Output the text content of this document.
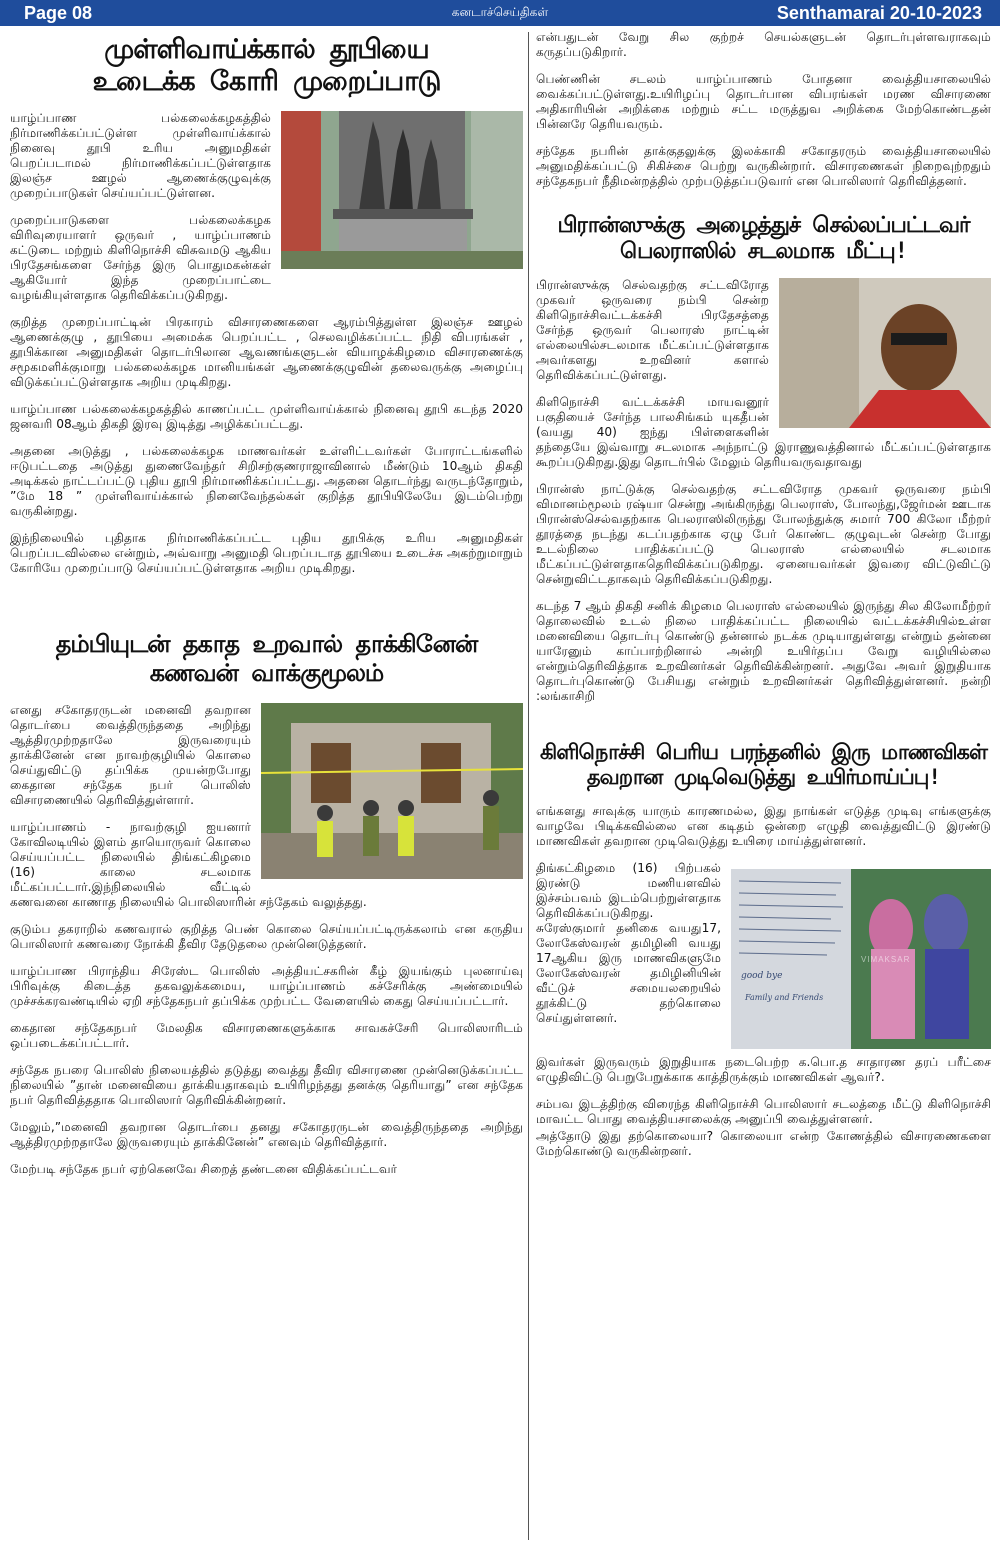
Page 08	கனடாச்செய்திகள்	Senthamarai 20-10-2023
முள்ளிவாய்க்கால் தூபியை
உடைக்க கோரி முறைப்பாடு

யாழ்ப்பாண பல்கலைக்கழகத்தில் நிர்மாணிக்கப்பட்டுள்ள முள்ளிவாய்க்கால் நினைவு தூபி உரிய அனுமதிகள் பெறப்படாமல் நிர்மாணிக்கப்பட்டுள்ளதாக இலஞ்ச ஊழல் ஆணைக்குழுவுக்கு முறைப்பாடுகள் செய்யப்பட்டுள்ளன.

முறைப்பாடுகளை பல்கலைக்கழக விரிவுரையாளர் ஒருவர் , யாழ்ப்பாணம் கட்டுடை மற்றும் கிளிநொச்சி விசுவமடு ஆகிய பிரதேசங்களை சேர்ந்த இரு பொதுமகன்கள் ஆகியோர் இந்த முறைப்பாட்டை வழங்கியுள்ளதாக தெரிவிக்கப்படுகிறது.

குறித்த முறைப்பாட்டின் பிரகாரம் விசாரணைகளை ஆரம்பித்துள்ள இலஞ்ச ஊழல் ஆணைக்குழு , தூபியை அமைக்க பெறப்பட்ட , செலவழிக்கப்பட்ட நிதி விபரங்கள் , தூபிக்கான அனுமதிகள் தொடர்பிலான ஆவணங்களுடன் வியாழக்கிழமை விசாரணைக்கு சமூகமளிக்குமாறு பல்கலைக்கழக மானியங்கள் ஆணைக்குழுவின் தலைவருக்கு அழைப்பு விடுக்கப்பட்டுள்ளதாக அறிய முடிகிறது.

யாழ்ப்பாண பல்கலைக்கழகத்தில் காணப்பட்ட முள்ளிவாய்க்கால் நினைவு தூபி கடந்த 2020 ஜனவரி 08ஆம் திகதி இரவு இடித்து அழிக்கப்பட்டது.

அதனை அடுத்து , பல்கலைக்கழக மாணவர்கள் உள்ளிட்டவர்கள் போராட்டங்களில் ஈடுபட்டதை அடுத்து துணைவேந்தர் சிறிசற்குணராஜாவினால் மீண்டும் 10ஆம் திகதி அடிக்கல் நாட்டப்பட்டு புதிய தூபி நிர்மாணிக்கப்பட்டது. அதனை தொடர்ந்து வருடந்தோறும், ”மே 18 ” முள்ளிவாய்க்கால் நினைவேந்தல்கள் குறித்த தூபியிலேயே இடம்பெற்று வருகின்றது.

இந்நிலையில் புதிதாக நிர்மாணிக்கப்பட்ட புதிய தூபிக்கு உரிய அனுமதிகள் பெறப்படவில்லை என்றும், அவ்வாறு அனுமதி பெறப்படாத தூபியை உடைச்சு அகற்றுமாறும் கோரியே முறைப்பாடு செய்யப்பட்டுள்ளதாக அறிய முடிகிறது.

தம்பியுடன் தகாத உறவால் தாக்கினேன்
கணவன் வாக்குமூலம்

எனது சகோதரருடன் மனைவி தவறான தொடர்பை வைத்திருந்ததை அறிந்து ஆத்திரமுற்றதாலே இருவரையும் தாக்கினேன் என நாவற்குழியில் கொலை செய்துவிட்டு தப்பிக்க முயன்றபோது கைதான சந்தேக நபர் பொலிஸ் விசாரணையில் தெரிவித்துள்ளார்.

யாழ்ப்பாணம் - நாவற்குழி ஐயனார் கோவிலடியில் இளம் தாயொருவர் கொலை செய்யப்பட்ட நிலையில் திங்கட்கிழமை (16) காலை சடலமாக மீட்கப்பட்டார்.இந்நிலையில் வீட்டில் கணவனை காணாத நிலையில் பொலிஸாரின் சந்தேகம் வலுத்தது.

குடும்ப தகராறில் கணவரால் குறித்த பெண் கொலை செய்யப்பட்டிருக்கலாம் என கருதிய பொலிஸார் கணவரை நோக்கி தீவிர தேடுதலை முன்னெடுத்தனர்.

யாழ்ப்பாண பிராந்திய சிரேஸ்ட பொலிஸ் அத்தியட்சகரின் கீழ் இயங்கும் புலனாய்வு பிரிவுக்கு கிடைத்த தகவலுக்கமைய, யாழ்ப்பாணம் கச்சேரிக்கு அண்மையில் முச்சக்கரவண்டியில் ஏறி சந்தேகநபர் தப்பிக்க முற்பட்ட வேளையில் கைது செய்யப்பட்டார்.

கைதான சந்தேகநபர் மேலதிக விசாரணைகளுக்காக சாவகச்சேரி பொலிஸாரிடம் ஒப்படைக்கப்பட்டார்.

சந்தேக நபரை பொலிஸ் நிலையத்தில் தடுத்து வைத்து தீவிர விசாரணை முன்னெடுக்கப்பட்ட நிலையில் ”தான் மனைவியை தாக்கியதாகவும் உயிரிழந்தது தனக்கு தெரியாது” என சந்தேக நபர் தெரிவித்ததாக பொலிஸார் தெரிவிக்கின்றனர்.

மேலும்,”மனைவி தவறான தொடர்பை தனது சகோதரருடன் வைத்திருந்ததை அறிந்து ஆத்திரமுற்றதாலே இருவரையும் தாக்கினேன்” எனவும் தெரிவித்தார்.

மேற்படி சந்தேக நபர் ஏற்கெனவே சிறைத் தண்டனை விதிக்கப்பட்டவர்

என்பதுடன் வேறு சில குற்றச் செயல்களுடன் தொடர்புள்ளவராகவும் கருதப்படுகிறார்.

பெண்ணின் சடலம் யாழ்ப்பாணம் போதனா வைத்தியசாலையில் வைக்கப்பட்டுள்ளது.உயிரிழப்பு தொடர்பான விபரங்கள் மரண விசாரணை அதிகாரியின் அறிக்கை மற்றும் சட்ட மருத்துவ அறிக்கை மேற்கொண்டதன் பின்னரே தெரியவரும்.

சந்தேக நபரின் தாக்குதலுக்கு இலக்காகி சகோதரரும் வைத்தியசாலையில் அனுமதிக்கப்பட்டு சிகிச்சை பெற்று வருகின்றார். விசாரணைகள் நிறைவுற்றதும் சந்தேகநபர் நீதிமன்றத்தில் முற்படுத்தப்படுவார் என பொலிஸார் தெரிவித்தனர்.

பிரான்ஸுக்கு அழைத்துச் செல்லப்பட்டவர்
பெலராஸில் சடலமாக மீட்பு!

பிரான்ஸுக்கு செல்வதற்கு சட்டவிரோத முகவர் ஒருவரை நம்பி சென்ற கிளிநொச்சிவட்டக்கச்சி பிரதேசத்தை சேர்ந்த ஒருவர் பெலாரஸ் நாட்டின் எல்லையில்சடலமாக மீட்கப்பட்டுள்ளதாக அவர்களது உறவினர் களால் தெரிவிக்கப்பட்டுள்ளது.

கிளிநொச்சி வட்டக்கச்சி மாயவனூர் பகுதியைச் சேர்ந்த பாலசிங்கம் யுகதீபன் (வயது 40) ஐந்து பிள்ளைகளின் தந்தையே இவ்வாறு சடலமாக அந்நாட்டு இராணுவத்தினால் மீட்கப்பட்டுள்ளதாக கூறப்படுகிறது.இது தொடர்பில் மேலும் தெரியவருவதாவது

பிரான்ஸ் நாட்டுக்கு செல்வதற்கு சட்டவிரோத முகவர் ஒருவரை நம்பி விமானம்மூலம் ரஷ்யா சென்று அங்கிருந்து பெலராஸ், போலந்து,ஜேர்மன் ஊடாக பிரான்ஸ்செல்வதற்காக பெலராஸிலிருந்து போலந்துக்கு சுமார் 700 கிலோ மீற்றர் தூரத்தை நடந்து கடப்பதற்காக ஏழு பேர் கொண்ட குழுவுடன் சென்ற போது உடல்நிலை பாதிக்கப்பட்டு பெலராஸ் எல்லையில் சடலமாக மீட்கப்பட்டுள்ளதாகதெரிவிக்கப்படுகிறது. ஏனையவர்கள் இவரை விட்டுவிட்டு சென்றுவிட்டதாகவும் தெரிவிக்கப்படுகிறது.

கடந்த 7 ஆம் திகதி சனிக் கிழமை பெலராஸ் எல்லையில் இருந்து சில கிலோமீற்றர் தொலைவில் உடல் நிலை பாதிக்கப்பட்ட நிலையில் வட்டக்கச்சியில்உள்ள மனைவியை தொடர்பு கொண்டு தன்னால் நடக்க முடியாதுள்ளது என்றும் தன்னை யாரேனும் காப்பாற்றினால் அன்றி உயிர்தப்ப வேறு வழியில்லை என்றும்தெரிவித்தாக உறவினர்கள் தெரிவிக்கின்றனர். அதுவே அவர் இறுதியாக தொடர்புகொண்டு பேசியது என்றும் உறவினர்கள் தெரிவித்துள்ளனர். நன்றி :லங்காசிறி

கிளிநொச்சி பெரிய பரந்தனில் இரு மாணவிகள்
தவறான முடிவெடுத்து உயிர்மாய்ப்பு!

எங்களது சாவுக்கு யாரும் காரணமல்ல, இது நாங்கள் எடுத்த முடிவு எங்களுக்கு வாழவே பிடிக்கவில்லை என கடிதம் ஒன்றை எழுதி வைத்துவிட்டு இரண்டு மாணவிகள் தவறான முடிவெடுத்து உயிரை மாய்த்துள்ளனர்.

good bye
Family and Friends
VIMAKSAR

திங்கட்கிழமை (16) பிற்பகல் இரண்டு மணியளவில் இச்சம்பவம் இடம்பெற்றுள்ளதாக தெரிவிக்கப்படுகிறது. சுரேஸ்குமார் தனிகை வயது17, லோகேஸ்வரன் தமிழினி வயது 17ஆகிய இரு மாணவிகளுமே லோகேஸ்வரன் தமிழினியின் வீட்டுச் சமையலறையில் தூக்கிட்டு தற்கொலை செய்துள்ளனர்.

இவர்கள் இருவரும் இறுதியாக நடைபெற்ற க.பொ.த சாதாரண தரப் பரீட்சை எழுதிவிட்டு பெறுபேறுக்காக காத்திருக்கும் மாணவிகள் ஆவர்?.

சம்பவ இடத்திற்கு விரைந்த கிளிநொச்சி பொலிஸார் சடலத்தை மீட்டு கிளிநொச்சி மாவட்ட பொது வைத்தியசாலைக்கு அனுப்பி வைத்துள்ளனர்.

அத்தோடு இது தற்கொலையா? கொலையா என்ற கோணத்தில் விசாரணைகளை மேற்கொண்டு வருகின்றனர்.
